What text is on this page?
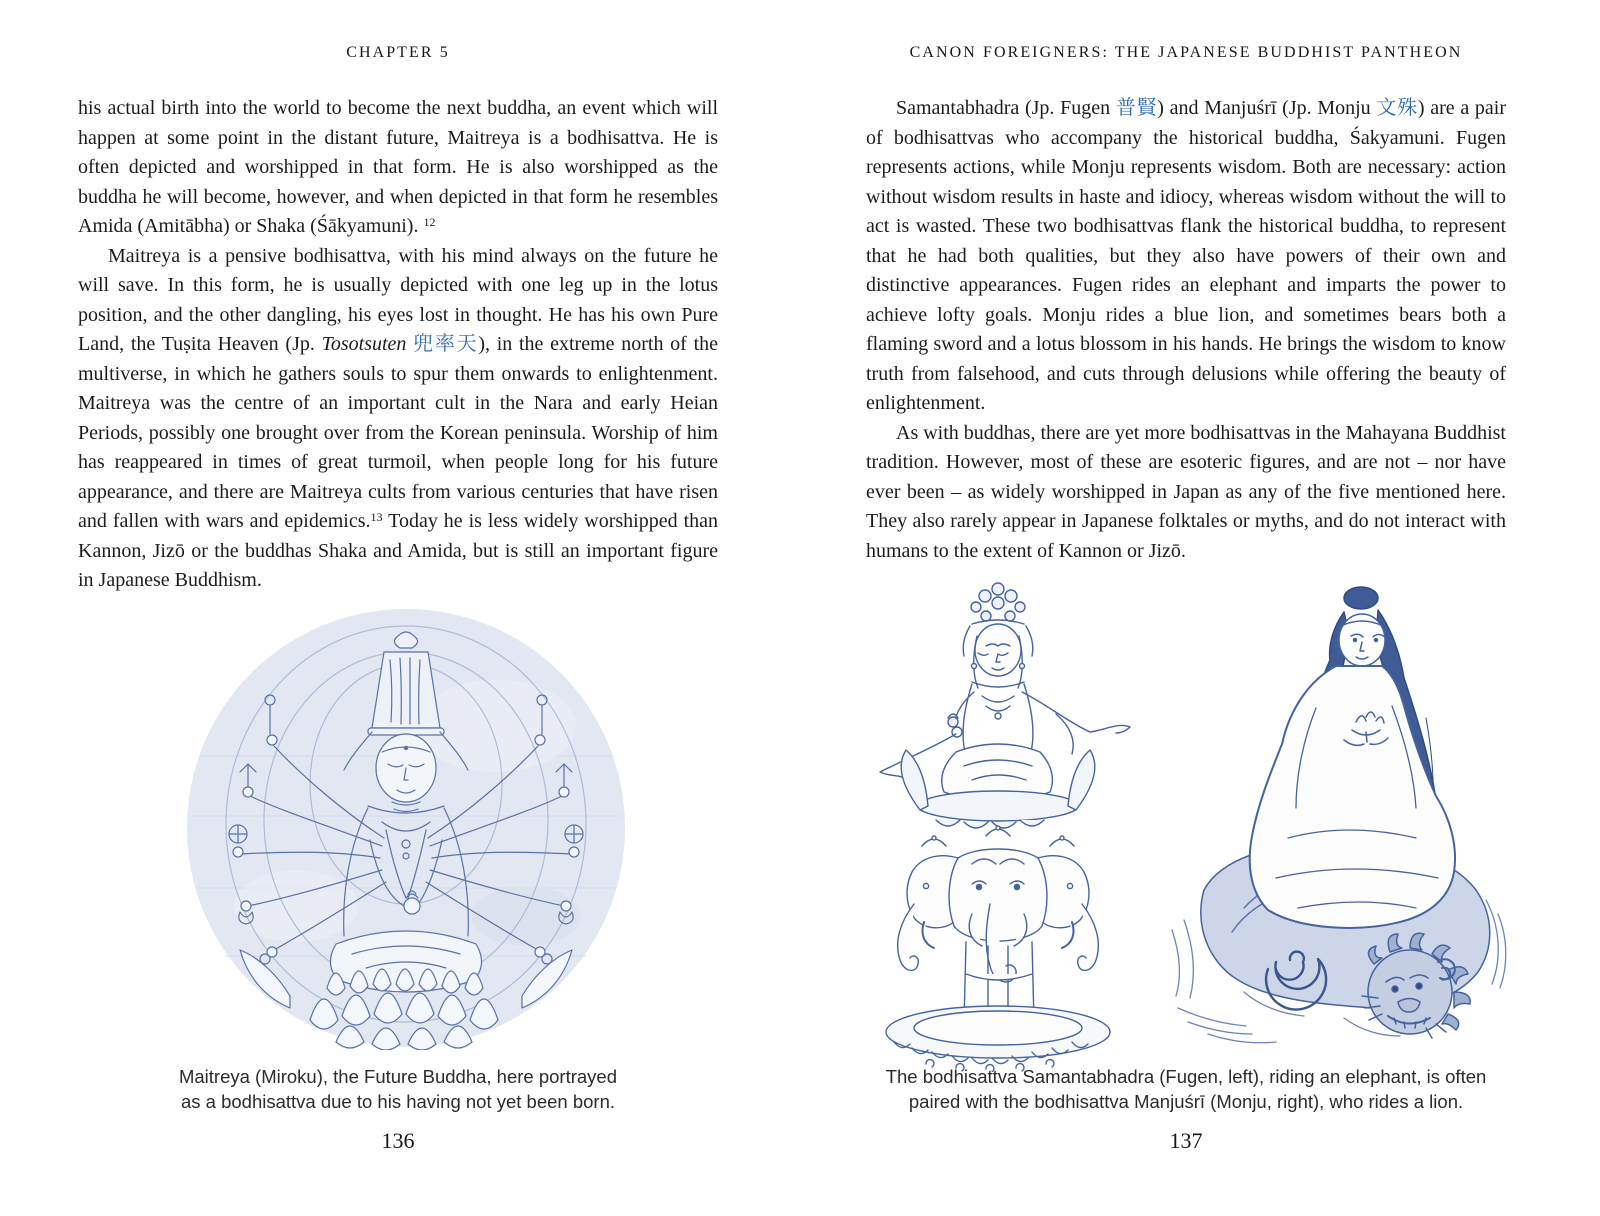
CHAPTER 5

his actual birth into the world to become the next buddha, an event which will happen at some point in the distant future, Maitreya is a bodhisattva. He is often depicted and worshipped in that form. He is also worshipped as the buddha he will become, however, and when depicted in that form he resembles Amida (Amitābha) or Shaka (Śākyamuni). $^{12}$

Maitreya is a pensive bodhisattva, with his mind always on the future he will save. In this form, he is usually depicted with one leg up in the lotus position, and the other dangling, his eyes lost in thought. He has his own Pure Land, the Tuṣita Heaven (Jp. Tosotsuten 兜率天), in the extreme north of the multiverse, in which he gathers souls to spur them onwards to enlightenment. Maitreya was the centre of an important cult in the Nara and early Heian Periods, possibly one brought over from the Korean peninsula. Worship of him has reappeared in times of great turmoil, when people long for his future appearance, and there are Maitreya cults from various centuries that have risen and fallen with wars and epidemics.$^{13}$ Today he is less widely worshipped than Kannon, Jizō or the buddhas Shaka and Amida, but is still an important figure in Japanese Buddhism.

Maitreya (Miroku), the Future Buddha, here portrayed
as a bodhisattva due to his having not yet been born.
136
CANON FOREIGNERS: THE JAPANESE BUDDHIST PANTHEON

Samantabhadra (Jp. Fugen 普賢) and Manjuśrī (Jp. Monju 文殊) are a pair of bodhisattvas who accompany the historical buddha, Śakyamuni. Fugen represents actions, while Monju represents wisdom. Both are necessary: action without wisdom results in haste and idiocy, whereas wisdom without the will to act is wasted. These two bodhisattvas flank the historical buddha, to represent that he had both qualities, but they also have powers of their own and distinctive appearances. Fugen rides an elephant and imparts the power to achieve lofty goals. Monju rides a blue lion, and sometimes bears both a flaming sword and a lotus blossom in his hands. He brings the wisdom to know truth from falsehood, and cuts through delusions while offering the beauty of enlightenment.

As with buddhas, there are yet more bodhisattvas in the Mahayana Buddhist tradition. However, most of these are esoteric figures, and are not – nor have ever been – as widely worshipped in Japan as any of the five mentioned here. They also rarely appear in Japanese folktales or myths, and do not interact with humans to the extent of Kannon or Jizō.

The bodhisattva Samantabhadra (Fugen, left), riding an elephant, is often
paired with the bodhisattva Manjuśrī (Monju, right), who rides a lion.
137
